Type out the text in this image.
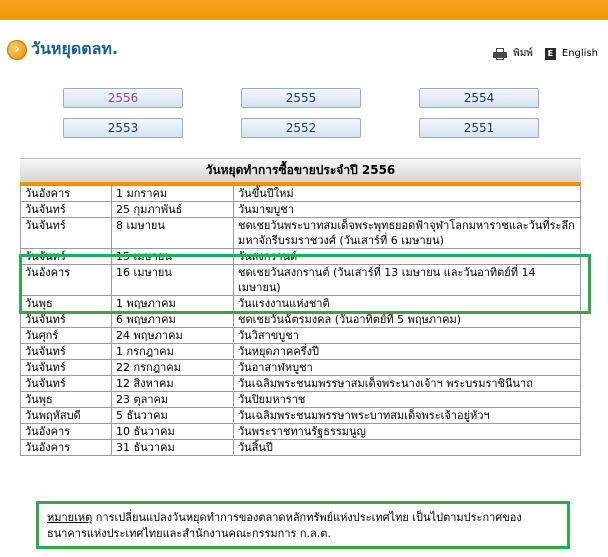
› วันหยุดตลท.	พิมพ์	E English
2556	2555	2554
2553	2552	2551
วันหยุดทำการซื้อขายประจำปี 2556
วันอังคาร	1 มกราคม	วันขึ้นปีใหม่
วันจันทร์	25 กุมภาพันธ์	วันมาฆบูชา
วันจันทร์	8 เมษายน	ชดเชยวันพระบาทสมเด็จพระพุทธยอดฟ้าจุฬาโลกมหาราชและวันที่ระลึกมหาจักรีบรมราชวงศ์ (วันเสาร์ที่ 6 เมษายน)
วันจันทร์	15 เมษายน	วันสงกรานต์
วันอังคาร	16 เมษายน	ชดเชยวันสงกรานต์ (วันเสาร์ที่ 13 เมษายน และวันอาทิตย์ที่ 14 เมษายน)
วันพุธ	1 พฤษภาคม	วันแรงงานแห่งชาติ
วันจันทร์	6 พฤษภาคม	ชดเชยวันฉัตรมงคล (วันอาทิตย์ที่ 5 พฤษภาคม)
วันศุกร์	24 พฤษภาคม	วันวิสาขบูชา
วันจันทร์	1 กรกฎาคม	วันหยุดภาคครึ่งปี
วันจันทร์	22 กรกฎาคม	วันอาสาฬหบูชา
วันจันทร์	12 สิงหาคม	วันเฉลิมพระชนมพรรษาสมเด็จพระนางเจ้าฯ พระบรมราชินีนาถ
วันพุธ	23 ตุลาคม	วันปิยมหาราช
วันพฤหัสบดี	5 ธันวาคม	วันเฉลิมพระชนมพรรษาพระบาทสมเด็จพระเจ้าอยู่หัวฯ
วันอังคาร	10 ธันวาคม	วันพระราชทานรัฐธรรมนูญ
วันอังคาร	31 ธันวาคม	วันสิ้นปี
หมายเหตุ การเปลี่ยนแปลงวันหยุดทำการของตลาดหลักทรัพย์แห่งประเทศไทย เป็นไปตามประกาศของธนาคารแห่งประเทศไทยและสำนักงานคณะกรรมการ ก.ล.ต.
